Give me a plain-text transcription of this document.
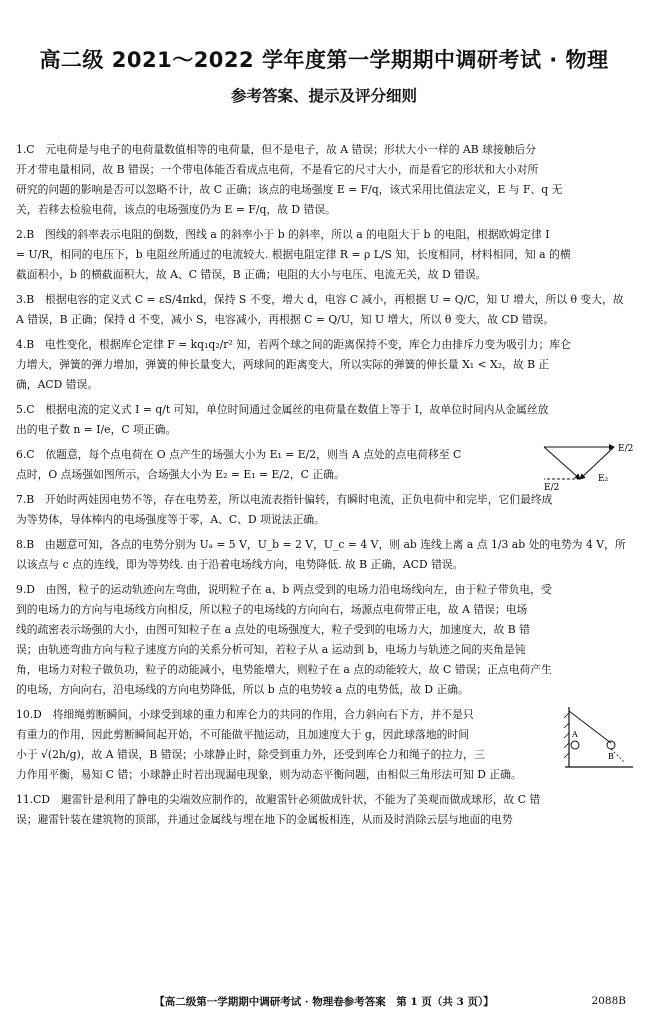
高二级 2021～2022 学年度第一学期期中调研考试 · 物理
参考答案、提示及评分细则
1.C　元电荷是与电子的电荷量数值相等的电荷量，但不是电子，故 A 错误；形状大小一样的 AB 球接触后分
开才带电量相同，故 B 错误；一个带电体能否看成点电荷，不是看它的尺寸大小，而是看它的形状和大小对所
研究的问题的影响是否可以忽略不计，故 C 正确；该点的电场强度 E = F/q，该式采用比值法定义，E 与 F、q 无
关，若移去检验电荷，该点的电场强度仍为 E = F/q，故 D 错误。
2.B　图线的斜率表示电阻的倒数，图线 a 的斜率小于 b 的斜率，所以 a 的电阻大于 b 的电阻，根据欧姆定律 I
= U/R，相同的电压下，b 电阻丝所通过的电流较大. 根据电阻定律 R = ρ L/S 知，长度相同，材料相同，知 a 的横
截面积小，b 的横截面积大，故 A、C 错误，B 正确；电阻的大小与电压、电流无关，故 D 错误。
3.B　根据电容的定义式 C = εS/4πkd，保持 S 不变，增大 d，电容 C 减小，再根据 U = Q/C，知 U 增大，所以 θ 变大，故
A 错误，B 正确；保持 d 不变，减小 S，电容减小，再根据 C = Q/U，知 U 增大，所以 θ 变大，故 CD 错误。
4.B　电性变化，根据库仑定律 F = kq₁q₂/r² 知，若两个球之间的距离保持不变，库仑力由排斥力变为吸引力；库仑
力增大，弹簧的弹力增加，弹簧的伸长量变大，两球间的距离变大，所以实际的弹簧的伸长量 X₁ < X₂，故 B 正
确，ACD 错误。
5.C　根据电流的定义式 I = q/t 可知，单位时间通过金属丝的电荷量在数值上等于 I，故单位时间内从金属丝放
出的电子数 n = I/e，C 项正确。
6.C　依题意，每个点电荷在 O 点产生的场强大小为 E₁ = E/2，则当 A 点处的点电荷移至 C
点时，O 点场强如图所示，合场强大小为 E₂ = E₁ = E/2，C 正确。
E/2
E/2
E₂
7.B　开始时两娃因电势不等，存在电势差，所以电流表指针偏转，有瞬时电流，正负电荷中和完毕，它们最终成
为等势体，导体棒内的电场强度等于零，A、C、D 项说法正确。
8.B　由题意可知，各点的电势分别为 Uₐ = 5 V，U_b = 2 V，U_c = 4 V，则 ab 连线上离 a 点 1/3 ab 处的电势为 4 V，所
以该点与 c 点的连线，即为等势线. 由于沿着电场线方向，电势降低. 故 B 正确，ACD 错误。
9.D　由图，粒子的运动轨迹向左弯曲，说明粒子在 a、b 两点受到的电场力沿电场线向左，由于粒子带负电，受
到的电场力的方向与电场线方向相反，所以粒子的电场线的方向向右，场源点电荷带正电，故 A 错误；电场
线的疏密表示场强的大小，由图可知粒子在 a 点处的电场强度大，粒子受到的电场力大，加速度大，故 B 错
误；由轨迹弯曲方向与粒子速度方向的关系分析可知，若粒子从 a 运动到 b，电场力与轨迹之间的夹角是钝
角，电场力对粒子做负功，粒子的动能减小，电势能增大，则粒子在 a 点的动能较大，故 C 错误；正点电荷产生
的电场，方向向右，沿电场线的方向电势降低，所以 b 点的电势较 a 点的电势低，故 D 正确。
10.D　将细绳剪断瞬间，小球受到球的重力和库仑力的共同的作用，合力斜向右下方，并不是只
有重力的作用，因此剪断瞬间起开始，不可能做平抛运动，且加速度大于 g，因此球落地的时间
小于 √(2h/g)，故 A 错误，B 错误；小球静止时，除受到重力外，还受到库仑力和绳子的拉力，三
力作用平衡，易知 C 错；小球静止时若出现漏电现象，则为动态平衡问题，由相似三角形法可知 D 正确。
A
B
11.CD　避雷针是利用了静电的尖端效应制作的，故避雷针必须做成针状，不能为了美观而做成球形，故 C 错
误；避雷针装在建筑物的顶部，并通过金属线与埋在地下的金属板相连，从而及时消除云层与地面的电势
【高二级第一学期期中调研考试 · 物理卷参考答案　第 1 页（共 3 页）】	2088B
